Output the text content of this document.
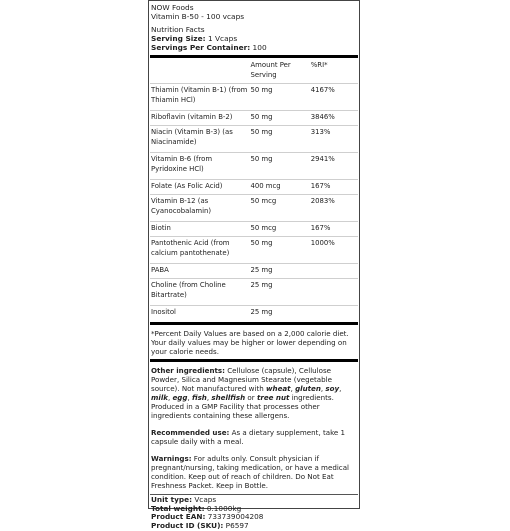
NOW Foods
Vitamin B-50 - 100 vcaps
Nutrition Facts
Serving Size: 1 Vcaps
Servings Per Container: 100
	Amount Per Serving	%RI*
Thiamin (Vitamin B-1) (from Thiamin HCl)	50 mg	4167%
Riboflavin (vitamin B-2)	50 mg	3846%
Niacin (Vitamin B-3) (as Niacinamide)	50 mg	313%
Vitamin B-6 (from Pyridoxine HCl)	50 mg	2941%
Folate (As Folic Acid)	400 mcg	167%
Vitamin B-12 (as Cyanocobalamin)	50 mcg	2083%
Biotin	50 mcg	167%
Pantothenic Acid (from calcium pantothenate)	50 mg	1000%
PABA	25 mg	
Choline (from Choline Bitartrate)	25 mg	
Inositol	25 mg	

*Percent Daily Values are based on a 2,000 calorie diet. Your daily values may be higher or lower depending on your calorie needs.

Other ingredients: Cellulose (capsule), Cellulose Powder, Silica and Magnesium Stearate (vegetable source). Not manufactured with wheat, gluten, soy, milk, egg, fish, shellfish or tree nut ingredients. Produced in a GMP Facility that processes other ingredients containing these allergens.

Recommended use: As a dietary supplement, take 1 capsule daily with a meal.

Warnings: For adults only. Consult physician if pregnant/nursing, taking medication, or have a medical condition. Keep out of reach of children. Do Not Eat Freshness Packet. Keep in Bottle.

Unit type: Vcaps
Total weight: 0.1000kg
Product EAN: 733739004208
Product ID (SKU): P6597
